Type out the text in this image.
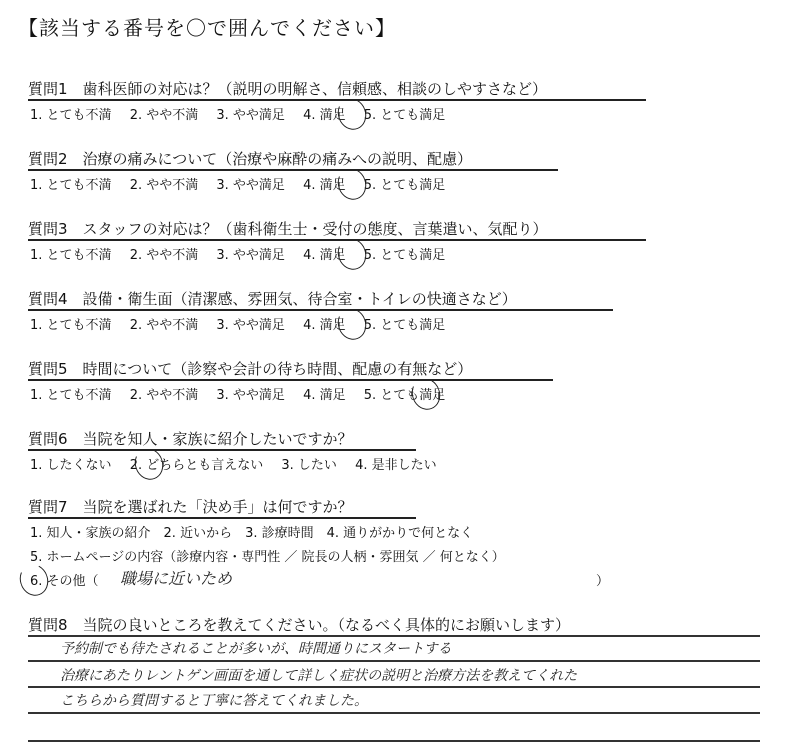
【該当する番号を〇で囲んでください】
質問1　歯科医師の対応は？（説明の明解さ、信頼感、相談のしやすさなど）
1. とても不満 2. やや不満 3. やや満足 4. 満足 5. とても満足
質問2　治療の痛みについて（治療や麻酔の痛みへの説明、配慮）
1. とても不満 2. やや不満 3. やや満足 4. 満足 5. とても満足
質問3　スタッフの対応は？（歯科衛生士・受付の態度、言葉遣い、気配り）
1. とても不満 2. やや不満 3. やや満足 4. 満足 5. とても満足
質問4　設備・衛生面（清潔感、雰囲気、待合室・トイレの快適さなど）
1. とても不満 2. やや不満 3. やや満足 4. 満足 5. とても満足
質問5　時間について（診察や会計の待ち時間、配慮の有無など）
1. とても不満 2. やや不満 3. やや満足 4. 満足 5. とても満足
質問6　当院を知人・家族に紹介したいですか？
1. したくない 2. どちらとも言えない 3. したい 4. 是非したい
質問7　当院を選ばれた「決め手」は何ですか？
1. 知人・家族の紹介　2. 近いから　3. 診療時間　4. 通りがかりで何となく
5. ホームページの内容（診療内容・専門性 ／ 院長の人柄・雰囲気 ／ 何となく）
6. その他（ 職場に近いため	）
質問8　当院の良いところを教えてください。（なるべく具体的にお願いします）
予約制でも待たされることが多いが、時間通りにスタートする
治療にあたりレントゲン画面を通して詳しく症状の説明と治療方法を教えてくれた
こちらから質問すると丁寧に答えてくれました。
